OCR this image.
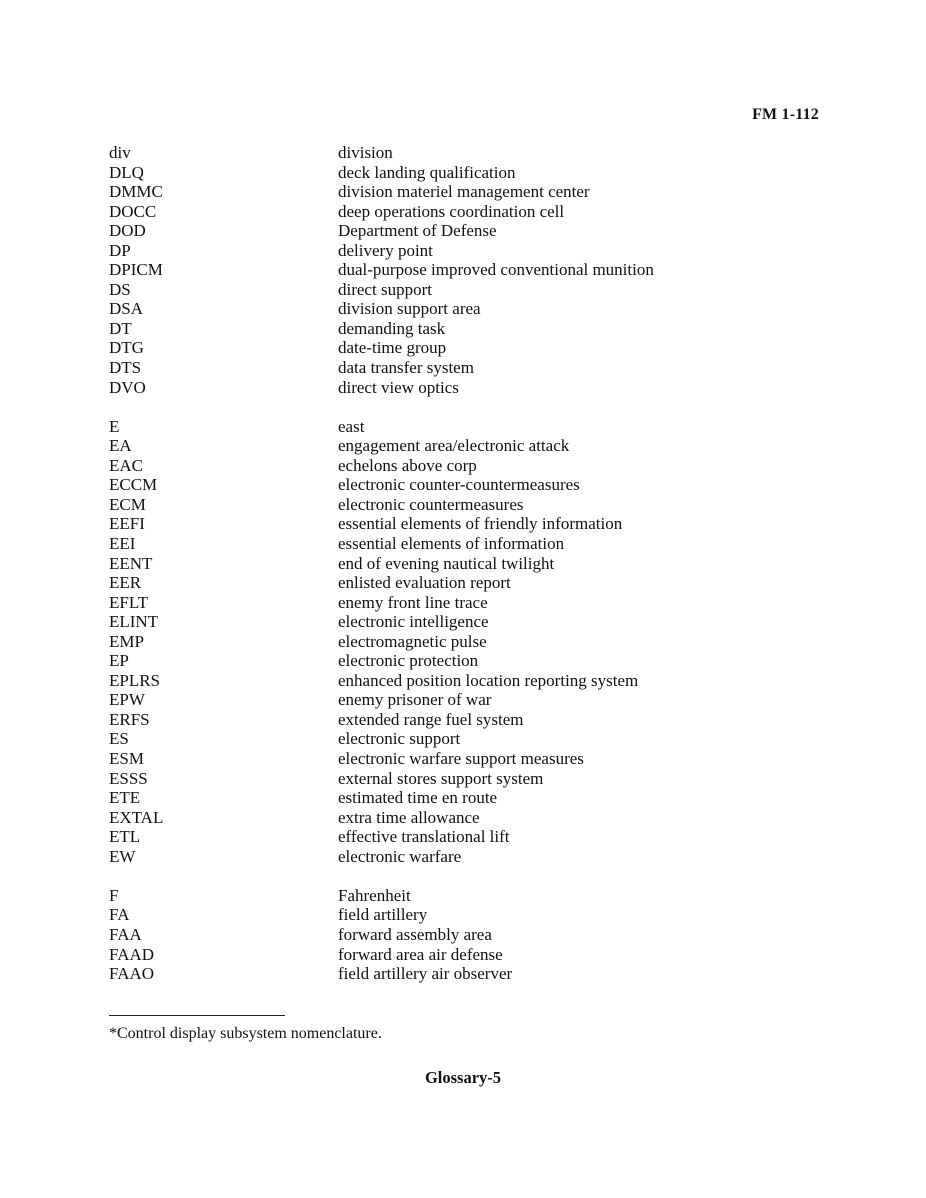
FM 1-112
div	division
DLQ	deck landing qualification
DMMC	division materiel management center
DOCC	deep operations coordination cell
DOD	Department of Defense
DP	delivery point
DPICM	dual-purpose improved conventional munition
DS	direct support
DSA	division support area
DT	demanding task
DTG	date-time group
DTS	data transfer system
DVO	direct view optics
E	east
EA	engagement area/electronic attack
EAC	echelons above corp
ECCM	electronic counter-countermeasures
ECM	electronic countermeasures
EEFI	essential elements of friendly information
EEI	essential elements of information
EENT	end of evening nautical twilight
EER	enlisted evaluation report
EFLT	enemy front line trace
ELINT	electronic intelligence
EMP	electromagnetic pulse
EP	electronic protection
EPLRS	enhanced position location reporting system
EPW	enemy prisoner of war
ERFS	extended range fuel system
ES	electronic support
ESM	electronic warfare support measures
ESSS	external stores support system
ETE	estimated time en route
EXTAL	extra time allowance
ETL	effective translational lift
EW	electronic warfare
F	Fahrenheit
FA	field artillery
FAA	forward assembly area
FAAD	forward area air defense
FAAO	field artillery air observer
*Control display subsystem nomenclature.
Glossary-5
